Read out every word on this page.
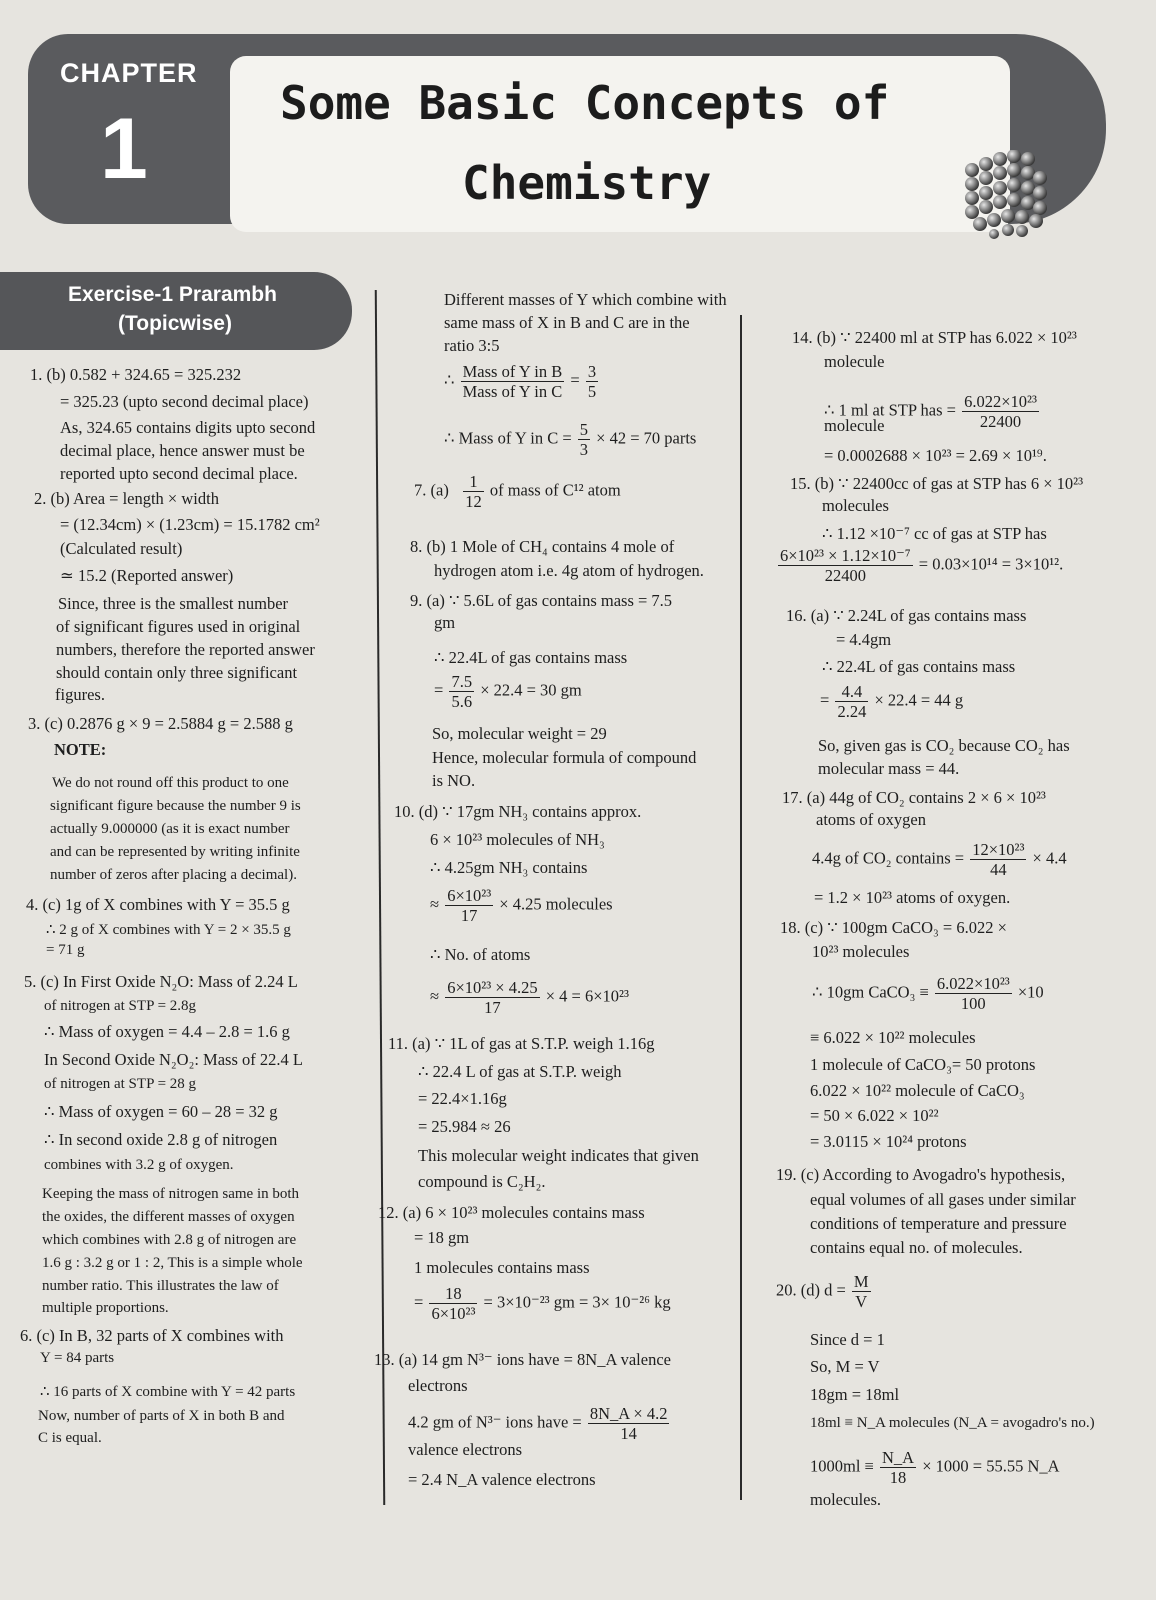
CHAPTER
1	Some Basic Concepts of
Chemistry
Exercise-1 Prarambh
(Topicwise)
1. (b) 0.582 + 324.65 = 325.232
= 325.23 (upto second decimal place)
As, 324.65 contains digits upto second
decimal place, hence answer must be
reported upto second decimal place.
2. (b) Area = length × width
= (12.34cm) × (1.23cm) = 15.1782 cm²
(Calculated result)
≃ 15.2 (Reported answer)
Since, three is the smallest number
of significant figures used in original
numbers, therefore the reported answer
should contain only three significant
figures.
3. (c) 0.2876 g × 9 = 2.5884 g = 2.588 g
NOTE:
We do not round off this product to one
significant figure because the number 9 is
actually 9.000000 (as it is exact number
and can be represented by writing infinite
number of zeros after placing a decimal).
4. (c) 1g of X combines with Y = 35.5 g
∴ 2 g of X combines with Y = 2 × 35.5 g
= 71 g
5. (c) In First Oxide N₂O: Mass of 2.24 L
of nitrogen at STP = 2.8g
∴ Mass of oxygen = 4.4 – 2.8 = 1.6 g
In Second Oxide N₂O₂: Mass of 22.4 L
of nitrogen at STP = 28 g
∴ Mass of oxygen = 60 – 28 = 32 g
∴ In second oxide 2.8 g of nitrogen
combines with 3.2 g of oxygen.
Keeping the mass of nitrogen same in both
the oxides, the different masses of oxygen
which combines with 2.8 g of nitrogen are
1.6 g : 3.2 g or 1 : 2, This is a simple whole
number ratio. This illustrates the law of
multiple proportions.
6. (c) In B, 32 parts of X combines with
Y = 84 parts
∴ 16 parts of X combine with Y = 42 parts
Now, number of parts of X in both B and
C is equal.
Different masses of Y which combine with
same mass of X in B and C are in the
ratio 3:5
∴ $\frac{\text{Mass of Y in B}}{\text{Mass of Y in C}} = \frac{3}{5}$
∴ Mass of Y in $C = \frac{5}{3} \times 42 = 70$ parts
7. $(a) \frac{1}{12}$ of mass of C¹² atom
8. (b) 1 Mole of CH₄ contains 4 mole of
hydrogen atom i.e. 4g atom of hydrogen.
9. (a) ∵ 5.6L of gas contains mass = 7.5
gm
∴ 22.4L of gas contains mass
= $\frac{7.5}{5.6} \times 22.4 = 30$ gm
So, molecular weight = 29
Hence, molecular formula of compound
is NO.
10. (d) ∵ 17gm NH₃ contains approx.
6 × 10²³ molecules of NH₃
∴ 4.25gm NH₃ contains
≈ $\frac{\text{6×10²³}}{17} \times 4.25$ molecules
∴ No. of atoms
≈ $\frac{\text{6×10²³ × 4.25}}{17} \times 4 = 6\times 10^{23}$
11. (a) ∵ 1L of gas at S.T.P. weigh 1.16g
∴ 22.4 L of gas at S.T.P. weigh
= 22.4×1.16g
= 25.984 ≈ 26
This molecular weight indicates that given
compound is C₂H₂.
12. (a) 6 × 10²³ molecules contains mass
= 18 gm
1 molecules contains mass
= $\frac{18}{\text{6×10²³}} = 3\times 10^{-23}$ gm = 3× 10⁻²⁶ kg
13. (a) 14 gm N³⁻ ions have = 8N_A valence
electrons
4.2 gm of N³⁻ ions have = $\frac{8N\_A \times 4.2}{14}$
valence electrons
= 2.4 N_A valence electrons
14. (b) ∵ 22400 ml at STP has 6.022 × 10²³
molecule
∴ 1 ml at STP has = $\frac{\text{6.022×10²³}}{22400}$
molecule
= 0.0002688 × 10²³ = 2.69 × 10¹⁹.
15. (b) ∵ 22400cc of gas at STP has 6 × 10²³
molecules
∴ 1.12 ×10⁻⁷ cc of gas at STP has
$\frac{\text{6×10²³ × 1.12×10⁻⁷}}{22400} = 0.03\times 10^{14} = 3\times 10^{12}$.
16. (a) ∵ 2.24L of gas contains mass
= 4.4gm
∴ 22.4L of gas contains mass
= $\frac{4.4}{2.24} \times 22.4 = 44$ g
So, given gas is CO₂ because CO₂ has
molecular mass = 44.
17. (a) 44g of CO₂ contains 2 × 6 × 10²³
atoms of oxygen
4.4g of CO₂ contains = $\frac{\text{12×10²³}}{44} \times 4.4$
= 1.2 × 10²³ atoms of oxygen.
18. (c) ∵ 100gm CaCO₃ = 6.022 ×
10²³ molecules
∴ 10gm CaCO₃ ≡ $\frac{\text{6.022×10²³}}{100} \times 10$
≡ 6.022 × 10²² molecules
1 molecule of CaCO₃= 50 protons
6.022 × 10²² molecule of CaCO₃
= 50 × 6.022 × 10²²
= 3.0115 × 10²⁴ protons
19. (c) According to Avogadro's hypothesis,
equal volumes of all gases under similar
conditions of temperature and pressure
contains equal no. of molecules.
20. (d) $d = \frac{M}{V}$
Since d = 1
So, M = V
18gm = 18ml
18ml ≡ N_A molecules (N_A = avogadro's no.)
$1000ml \equiv \frac{N\_A}{18} \times 1000 = 55.55$ N_A
molecules.
